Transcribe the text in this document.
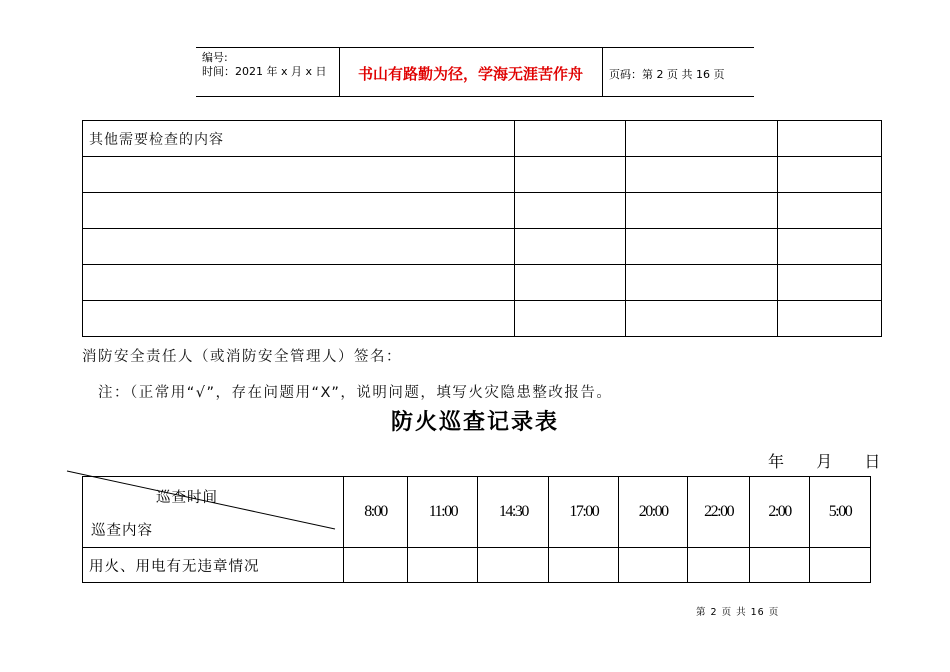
编号:
时间：2021 年 x 月 x 日	书山有路勤为径，学海无涯苦作舟	页码：第 2 页 共 16 页
其他需要检查的内容			

消防安全责任人（或消防安全管理人）签名：
注：（正常用“√”，存在问题用“X”，说明问题，填写火灾隐患整改报告。
防火巡查记录表
年 月 日
巡查时间
巡查内容	8:00	11:00	14:30	17:00	20:00	22:00	2:00	5:00
用火、用电有无违章情况								
第 2 页 共 16 页
